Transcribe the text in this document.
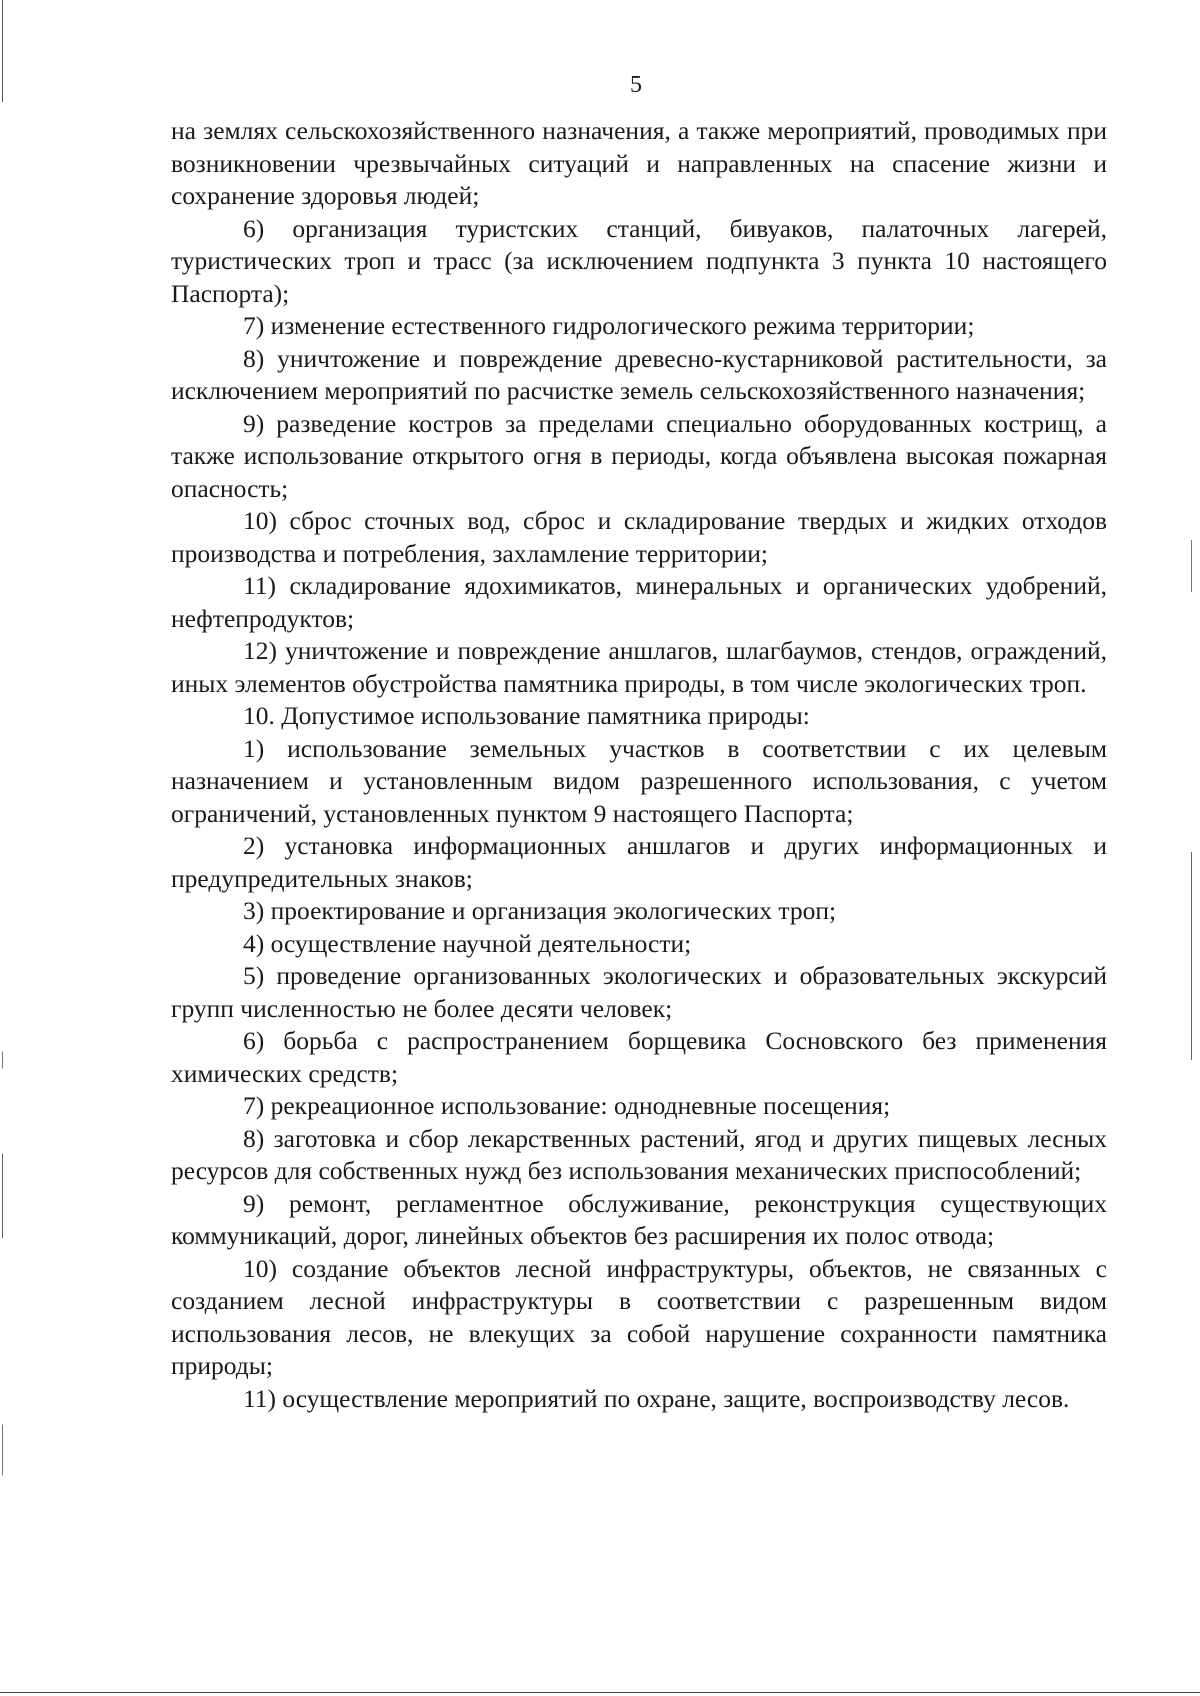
5

на землях сельскохозяйственного назначения, а также мероприятий, проводимых при возникновении чрезвычайных ситуаций и направленных на спасение жизни и сохранение здоровья людей;

6) организация туристских станций, бивуаков, палаточных лагерей, туристических троп и трасс (за исключением подпункта 3 пункта 10 настоящего Паспорта);

7) изменение естественного гидрологического режима территории;

8) уничтожение и повреждение древесно-кустарниковой растительности, за исключением мероприятий по расчистке земель сельскохозяйственного назначения;

9) разведение костров за пределами специально оборудованных кострищ, а также использование открытого огня в периоды, когда объявлена высокая пожарная опасность;

10) сброс сточных вод, сброс и складирование твердых и жидких отходов производства и потребления, захламление территории;

11) складирование ядохимикатов, минеральных и органических удобрений, нефтепродуктов;

12) уничтожение и повреждение аншлагов, шлагбаумов, стендов, ограждений, иных элементов обустройства памятника природы, в том числе экологических троп.

10. Допустимое использование памятника природы:

1) использование земельных участков в соответствии с их целевым назначением и установленным видом разрешенного использования, с учетом ограничений, установленных пунктом 9 настоящего Паспорта;

2) установка информационных аншлагов и других информационных и предупредительных знаков;

3) проектирование и организация экологических троп;

4) осуществление научной деятельности;

5) проведение организованных экологических и образовательных экскурсий групп численностью не более десяти человек;

6) борьба с распространением борщевика Сосновского без применения химических средств;

7) рекреационное использование: однодневные посещения;

8) заготовка и сбор лекарственных растений, ягод и других пищевых лесных ресурсов для собственных нужд без использования механических приспособлений;

9) ремонт, регламентное обслуживание, реконструкция существующих коммуникаций, дорог, линейных объектов без расширения их полос отвода;

10) создание объектов лесной инфраструктуры, объектов, не связанных с созданием лесной инфраструктуры в соответствии с разрешенным видом использования лесов, не влекущих за собой нарушение сохранности памятника природы;

11) осуществление мероприятий по охране, защите, воспроизводству лесов.
